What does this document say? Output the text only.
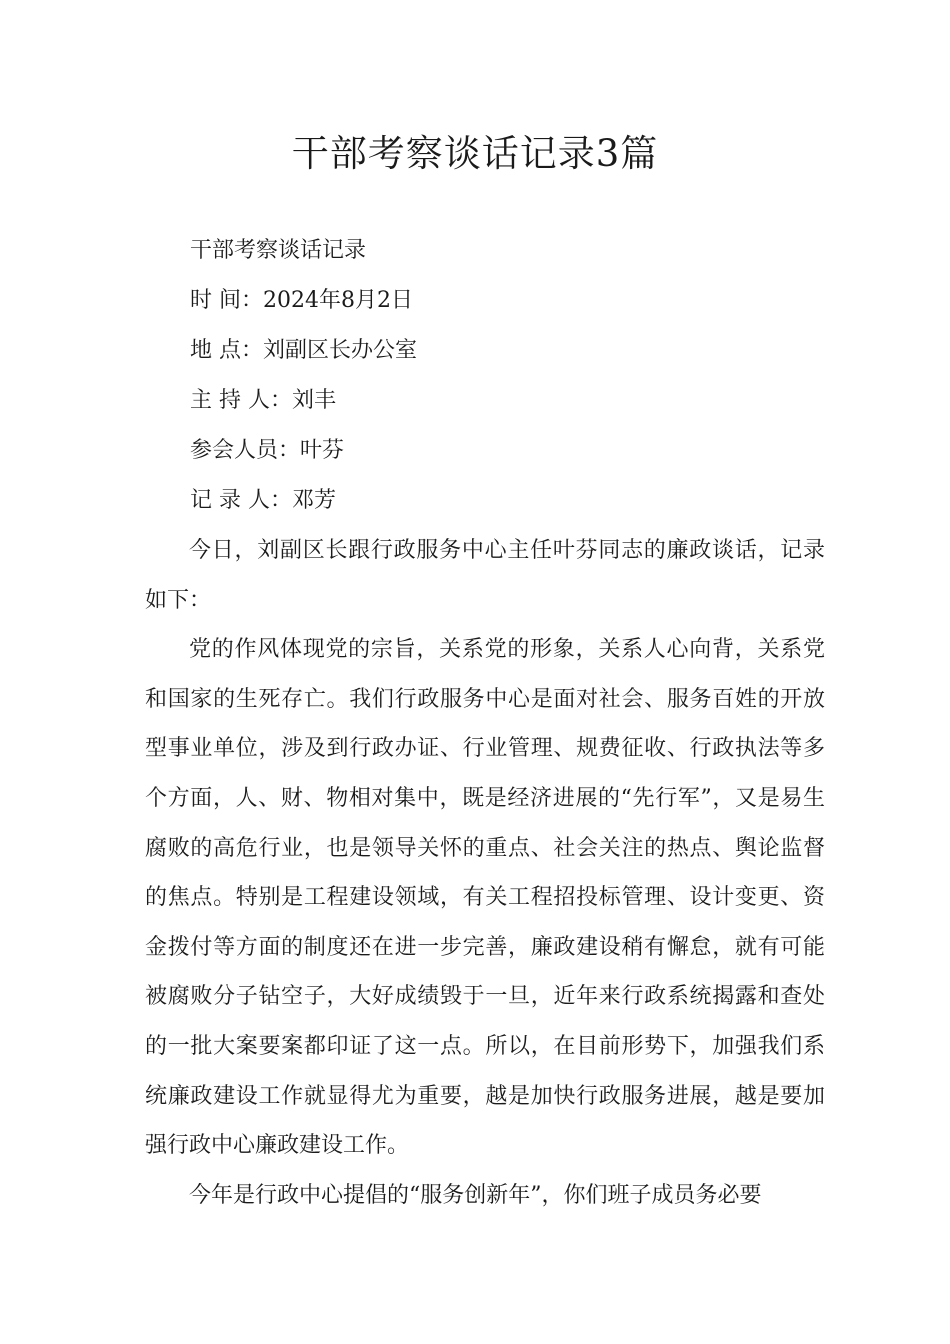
干部考察谈话记录3篇
干部考察谈话记录
时 间：2024年8月2日
地 点：刘副区长办公室
主 持 人：刘丰
参会人员：叶芬
记 录 人：邓芳

今日，刘副区长跟行政服务中心主任叶芬同志的廉政谈话，记录如下：

党的作风体现党的宗旨，关系党的形象，关系人心向背，关系党和国家的生死存亡。我们行政服务中心是面对社会、服务百姓的开放型事业单位，涉及到行政办证、行业管理、规费征收、行政执法等多个方面，人、财、物相对集中，既是经济进展的“先行军”，又是易生腐败的高危行业，也是领导关怀的重点、社会关注的热点、舆论监督的焦点。特别是工程建设领域，有关工程招投标管理、设计变更、资金拨付等方面的制度还在进一步完善，廉政建设稍有懈怠，就有可能被腐败分子钻空子，大好成绩毁于一旦，近年来行政系统揭露和查处的一批大案要案都印证了这一点。所以，在目前形势下，加强我们系统廉政建设工作就显得尤为重要，越是加快行政服务进展，越是要加强行政中心廉政建设工作。

今年是行政中心提倡的“服务创新年”，你们班子成员务必要
